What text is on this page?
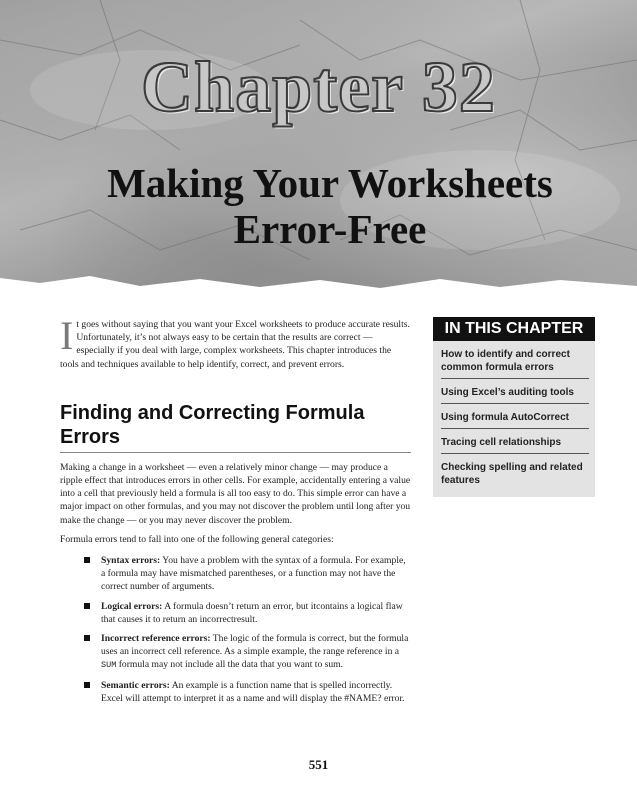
Chapter 32
Making Your Worksheets
Error-Free

It goes without saying that you want your Excel worksheets to produce accurate results. Unfortunately, it’s not always easy to be certain that the results are correct — especially if you deal with large, complex worksheets. This chapter introduces the tools and techniques available to help identify, correct, and prevent errors.

Finding and Correcting Formula Errors

Making a change in a worksheet — even a relatively minor change — may produce a ripple effect that introduces errors in other cells. For example, accidentally entering a value into a cell that previously held a formula is all too easy to do. This simple error can have a major impact on other formulas, and you may not discover the problem until long after you make the change — or you may never discover the problem.

Formula errors tend to fall into one of the following general categories:

Syntax errors: You have a problem with the syntax of a formula. For example, a formula may have mismatched parentheses, or a function may not have the correct number of arguments.
Logical errors: A formula doesn’t return an error, but itcontains a logical flaw that causes it to return an incorrectresult.
Incorrect reference errors: The logic of the formula is correct, but the formula uses an incorrect cell reference. As a simple example, the range reference in a SUM formula may not include all the data that you want to sum.
Semantic errors: An example is a function name that is spelled incorrectly. Excel will attempt to interpret it as a name and will display the #NAME? error.
IN THIS CHAPTER
How to identify and correct common formula errors
Using Excel’s auditing tools
Using formula AutoCorrect
Tracing cell relationships
Checking spelling and related features
551
